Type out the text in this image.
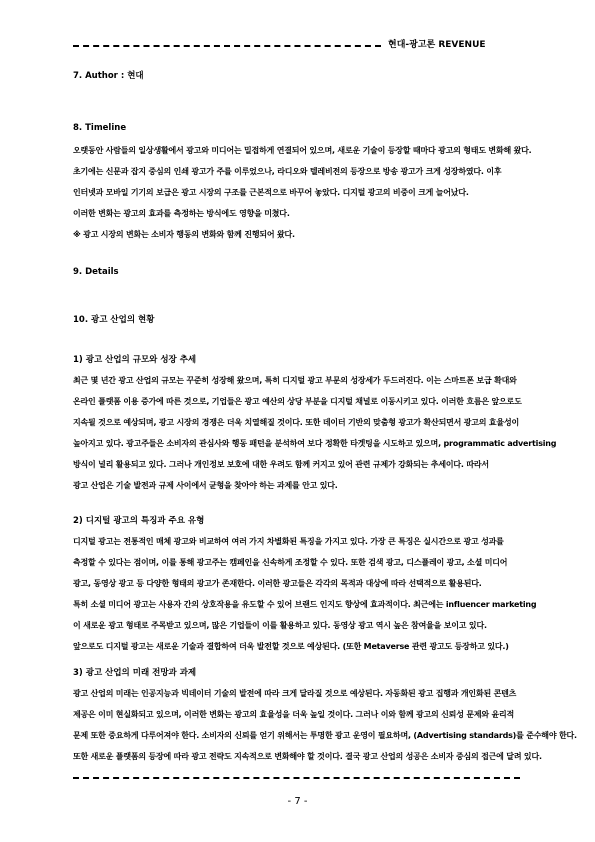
현대-광고론 REVENUE
7. Author : 현대
8. Timeline
오랫동안 사람들의 일상생활에서 광고와 미디어는 밀접하게 연결되어 있으며, 새로운 기술이 등장할 때마다 광고의 형태도 변화해 왔다.
초기에는 신문과 잡지 중심의 인쇄 광고가 주를 이루었으나, 라디오와 텔레비전의 등장으로 방송 광고가 크게 성장하였다. 이후
인터넷과 모바일 기기의 보급은 광고 시장의 구조를 근본적으로 바꾸어 놓았다. 디지털 광고의 비중이 크게 늘어났다.
이러한 변화는 광고의 효과를 측정하는 방식에도 영향을 미쳤다.
※ 광고 시장의 변화는 소비자 행동의 변화와 함께 진행되어 왔다.
9. Details
10. 광고 산업의 현황
1) 광고 산업의 규모와 성장 추세
최근 몇 년간 광고 산업의 규모는 꾸준히 성장해 왔으며, 특히 디지털 광고 부문의 성장세가 두드러진다. 이는 스마트폰 보급 확대와
온라인 플랫폼 이용 증가에 따른 것으로, 기업들은 광고 예산의 상당 부분을 디지털 채널로 이동시키고 있다. 이러한 흐름은 앞으로도
지속될 것으로 예상되며, 광고 시장의 경쟁은 더욱 치열해질 것이다. 또한 데이터 기반의 맞춤형 광고가 확산되면서 광고의 효율성이
높아지고 있다. 광고주들은 소비자의 관심사와 행동 패턴을 분석하여 보다 정확한 타겟팅을 시도하고 있으며, programmatic advertising
방식이 널리 활용되고 있다. 그러나 개인정보 보호에 대한 우려도 함께 커지고 있어 관련 규제가 강화되는 추세이다. 따라서
광고 산업은 기술 발전과 규제 사이에서 균형을 찾아야 하는 과제를 안고 있다.
2) 디지털 광고의 특징과 주요 유형
디지털 광고는 전통적인 매체 광고와 비교하여 여러 가지 차별화된 특징을 가지고 있다. 가장 큰 특징은 실시간으로 광고 성과를
측정할 수 있다는 점이며, 이를 통해 광고주는 캠페인을 신속하게 조정할 수 있다. 또한 검색 광고, 디스플레이 광고, 소셜 미디어
광고, 동영상 광고 등 다양한 형태의 광고가 존재한다. 이러한 광고들은 각각의 목적과 대상에 따라 선택적으로 활용된다.
특히 소셜 미디어 광고는 사용자 간의 상호작용을 유도할 수 있어 브랜드 인지도 향상에 효과적이다. 최근에는 influencer marketing
이 새로운 광고 형태로 주목받고 있으며, 많은 기업들이 이를 활용하고 있다. 동영상 광고 역시 높은 참여율을 보이고 있다.
앞으로도 디지털 광고는 새로운 기술과 결합하여 더욱 발전할 것으로 예상된다. (또한 Metaverse 관련 광고도 등장하고 있다.)
3) 광고 산업의 미래 전망과 과제
광고 산업의 미래는 인공지능과 빅데이터 기술의 발전에 따라 크게 달라질 것으로 예상된다. 자동화된 광고 집행과 개인화된 콘텐츠
제공은 이미 현실화되고 있으며, 이러한 변화는 광고의 효율성을 더욱 높일 것이다. 그러나 이와 함께 광고의 신뢰성 문제와 윤리적
문제 또한 중요하게 다루어져야 한다. 소비자의 신뢰를 얻기 위해서는 투명한 광고 운영이 필요하며, (Advertising standards)를 준수해야 한다.
또한 새로운 플랫폼의 등장에 따라 광고 전략도 지속적으로 변화해야 할 것이다. 결국 광고 산업의 성공은 소비자 중심의 접근에 달려 있다.
- 7 -
